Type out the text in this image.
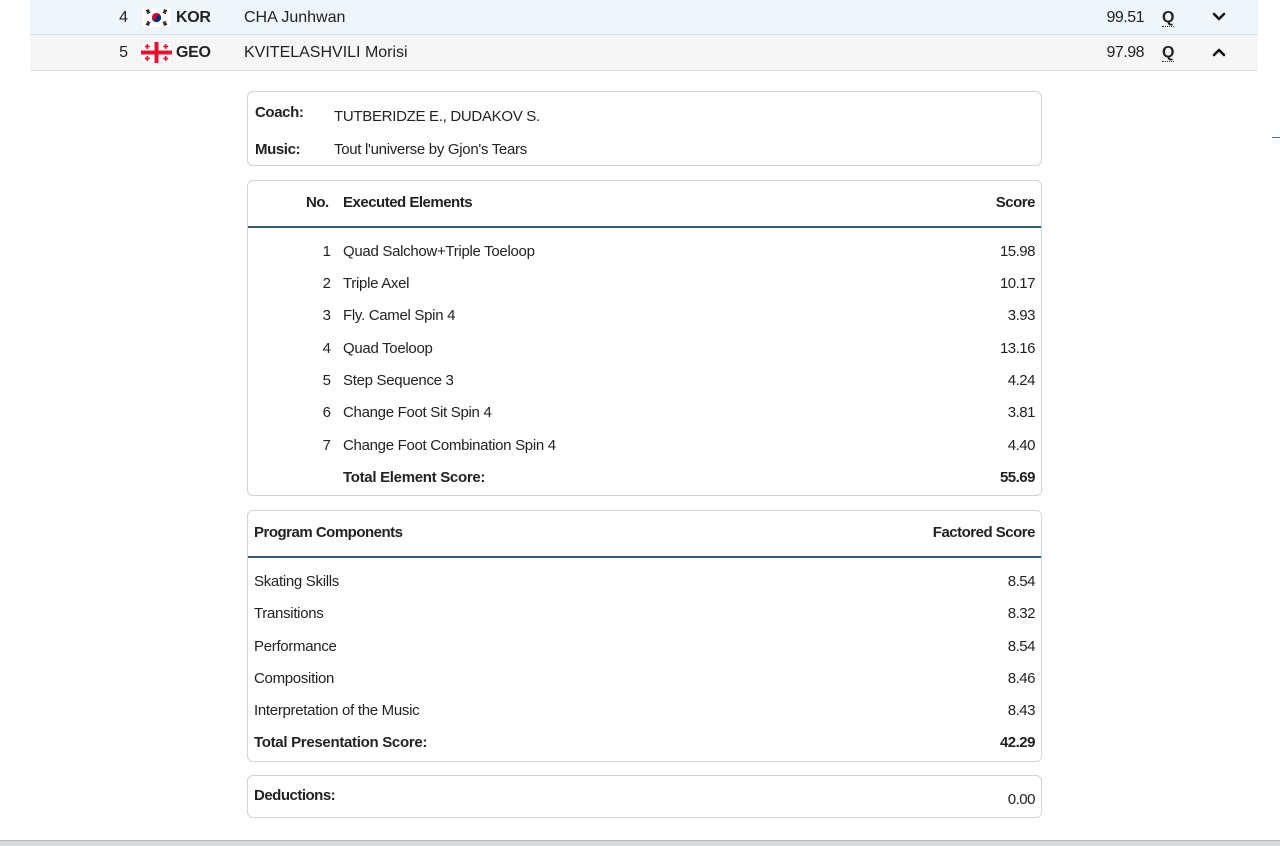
4	KOR CHA Junhwan	99.51 Q
5	GEO KVITELASHVILI Morisi	97.98 Q
Coach: TUTBERIDZE E., DUDAKOV S.
Music: Tout l'universe by Gjon's Tears
No. Executed Elements	Score
1 Quad Salchow+Triple Toeloop	15.98
2 Triple Axel	10.17
3 Fly. Camel Spin 4	3.93
4 Quad Toeloop	13.16
5 Step Sequence 3	4.24
6 Change Foot Sit Spin 4	3.81
7 Change Foot Combination Spin 4	4.40
Total Element Score:	55.69
Program Components	Factored Score
Skating Skills	8.54
Transitions	8.32
Performance	8.54
Composition	8.46
Interpretation of the Music	8.43
Total Presentation Score:	42.29
Deductions:	0.00
